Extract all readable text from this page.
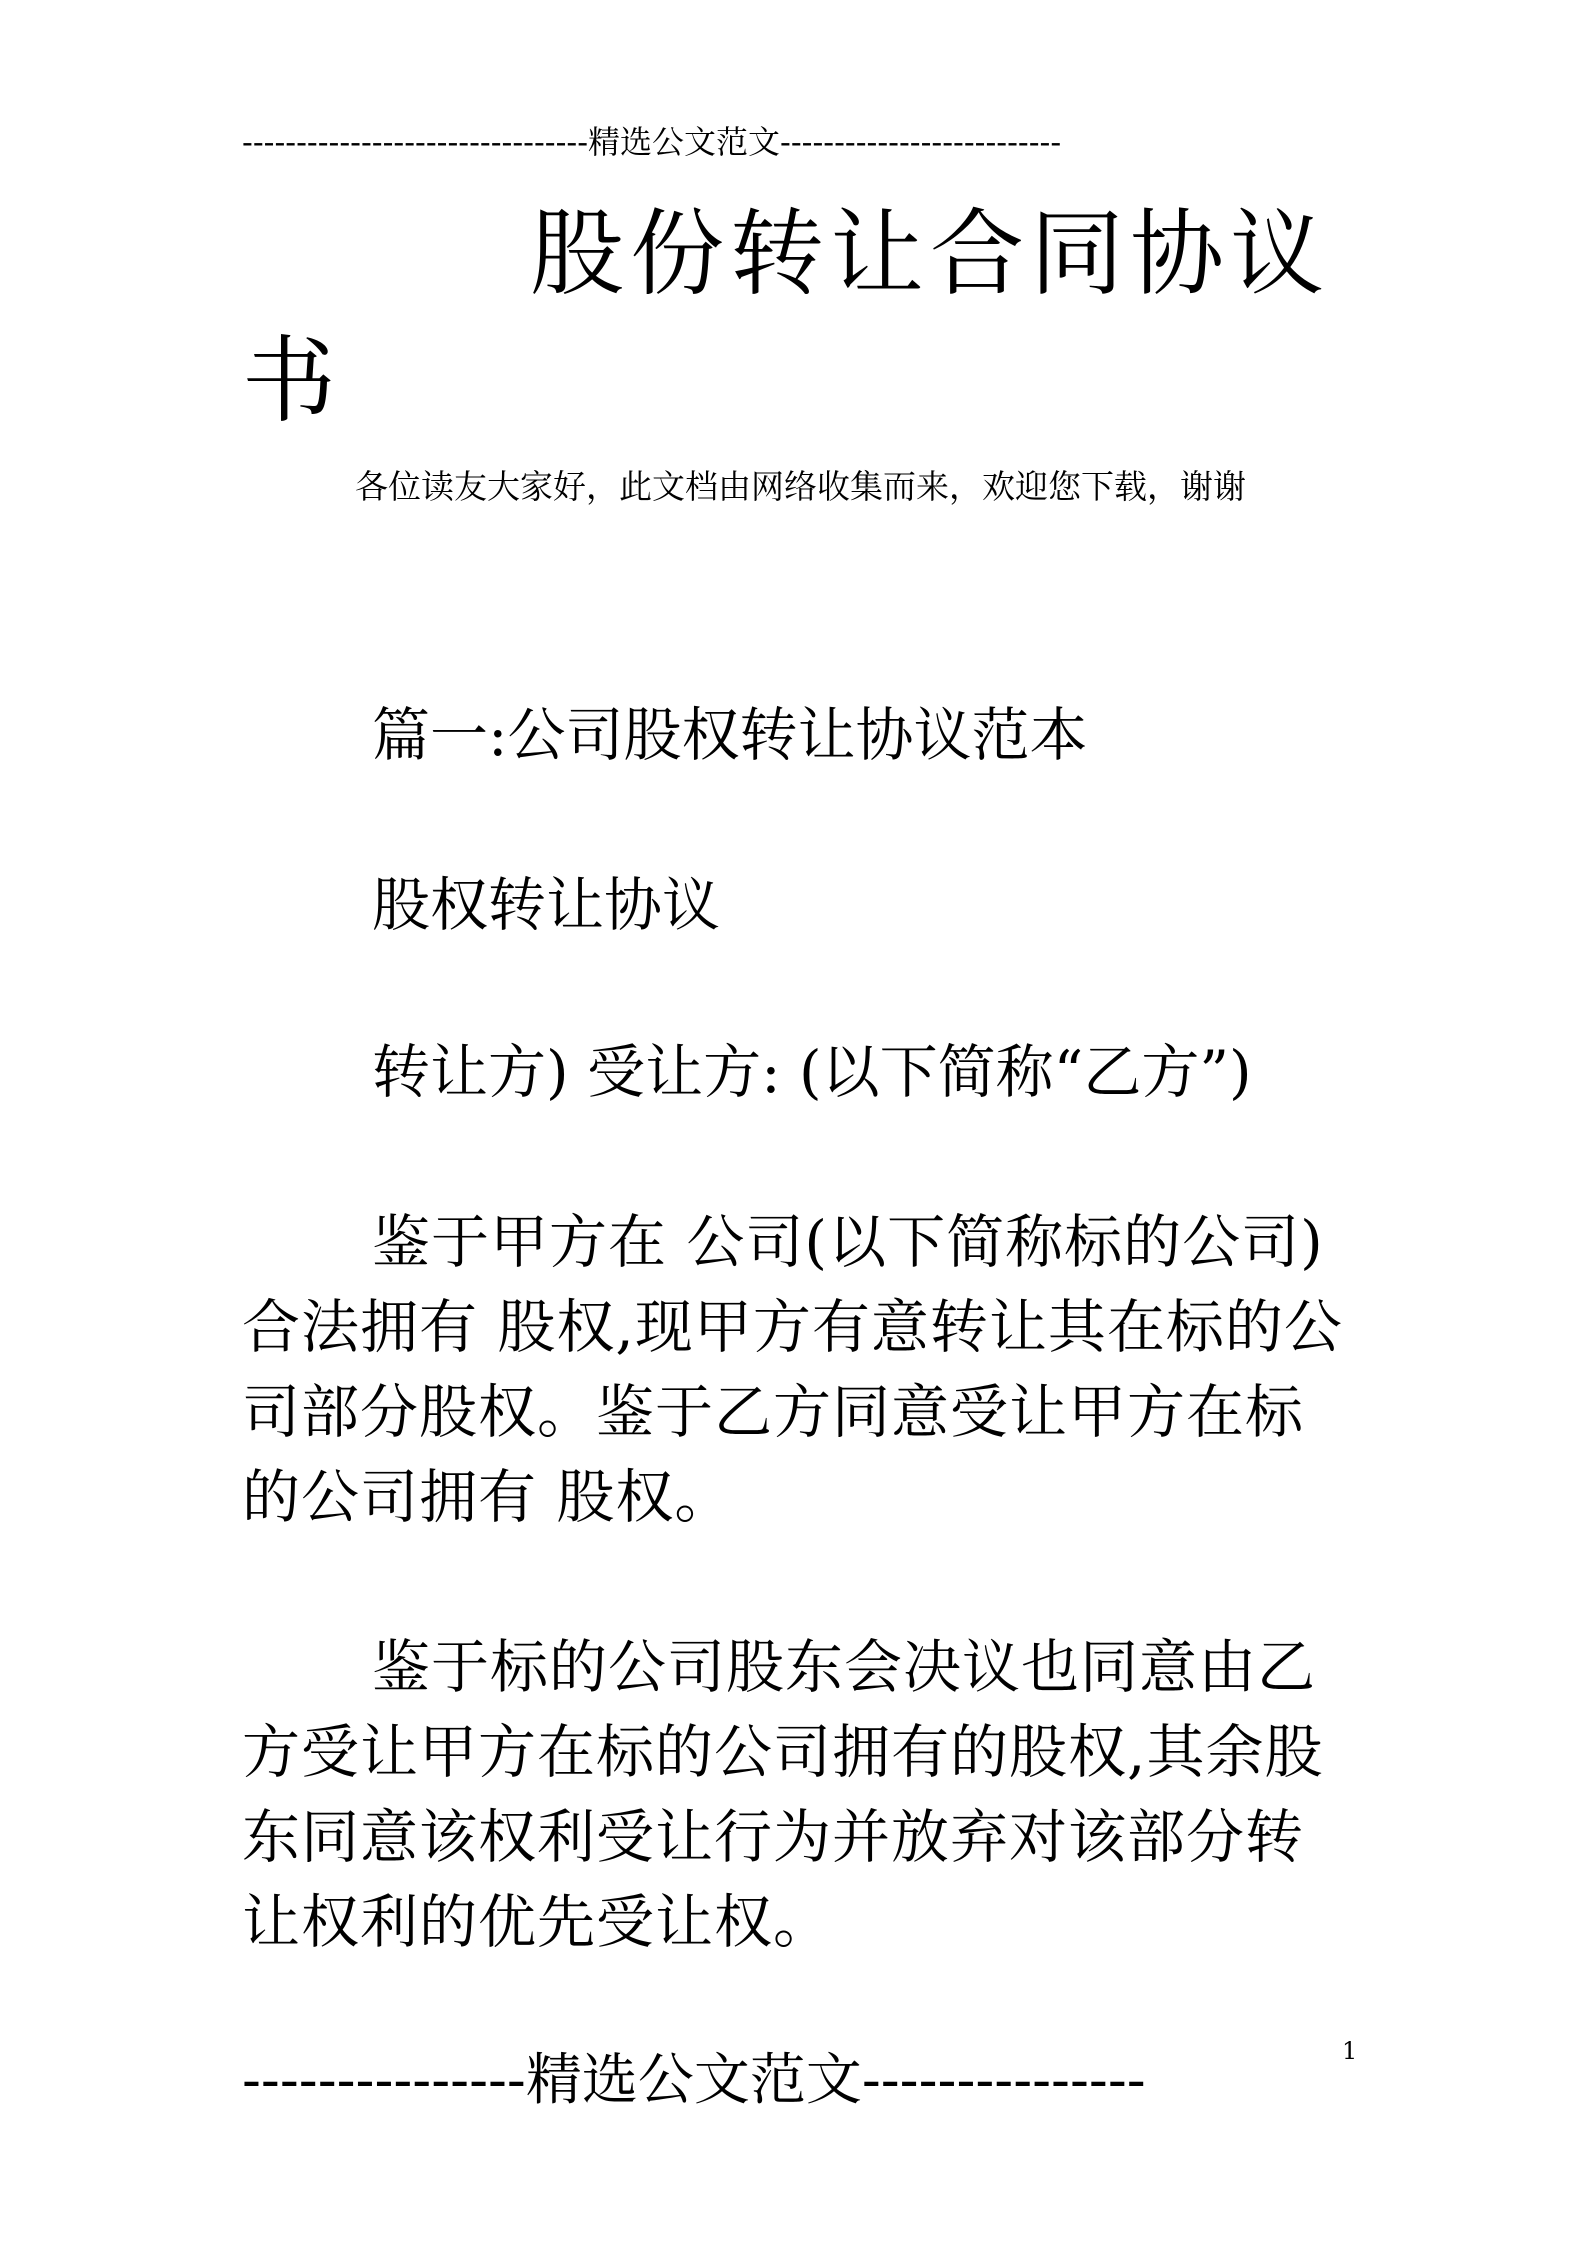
--------------------------------精选公文范文--------------------------
股份转让合同协议
书
各位读友大家好，此文档由网络收集而来，欢迎您下载，谢谢
篇一:公司股权转让协议范本
股权转让协议
转让方) 受让方: (以下简称“乙方”)
鉴于甲方在 公司(以下简称标的公司)合法拥有 股权,现甲方有意转让其在标的公司部分股权。鉴于乙方同意受让甲方在标的公司拥有 股权。
鉴于标的公司股东会决议也同意由乙方受让甲方在标的公司拥有的股权,其余股东同意该权利受让行为并放弃对该部分转让权利的优先受让权。
---------------精选公文范文---------------	1
